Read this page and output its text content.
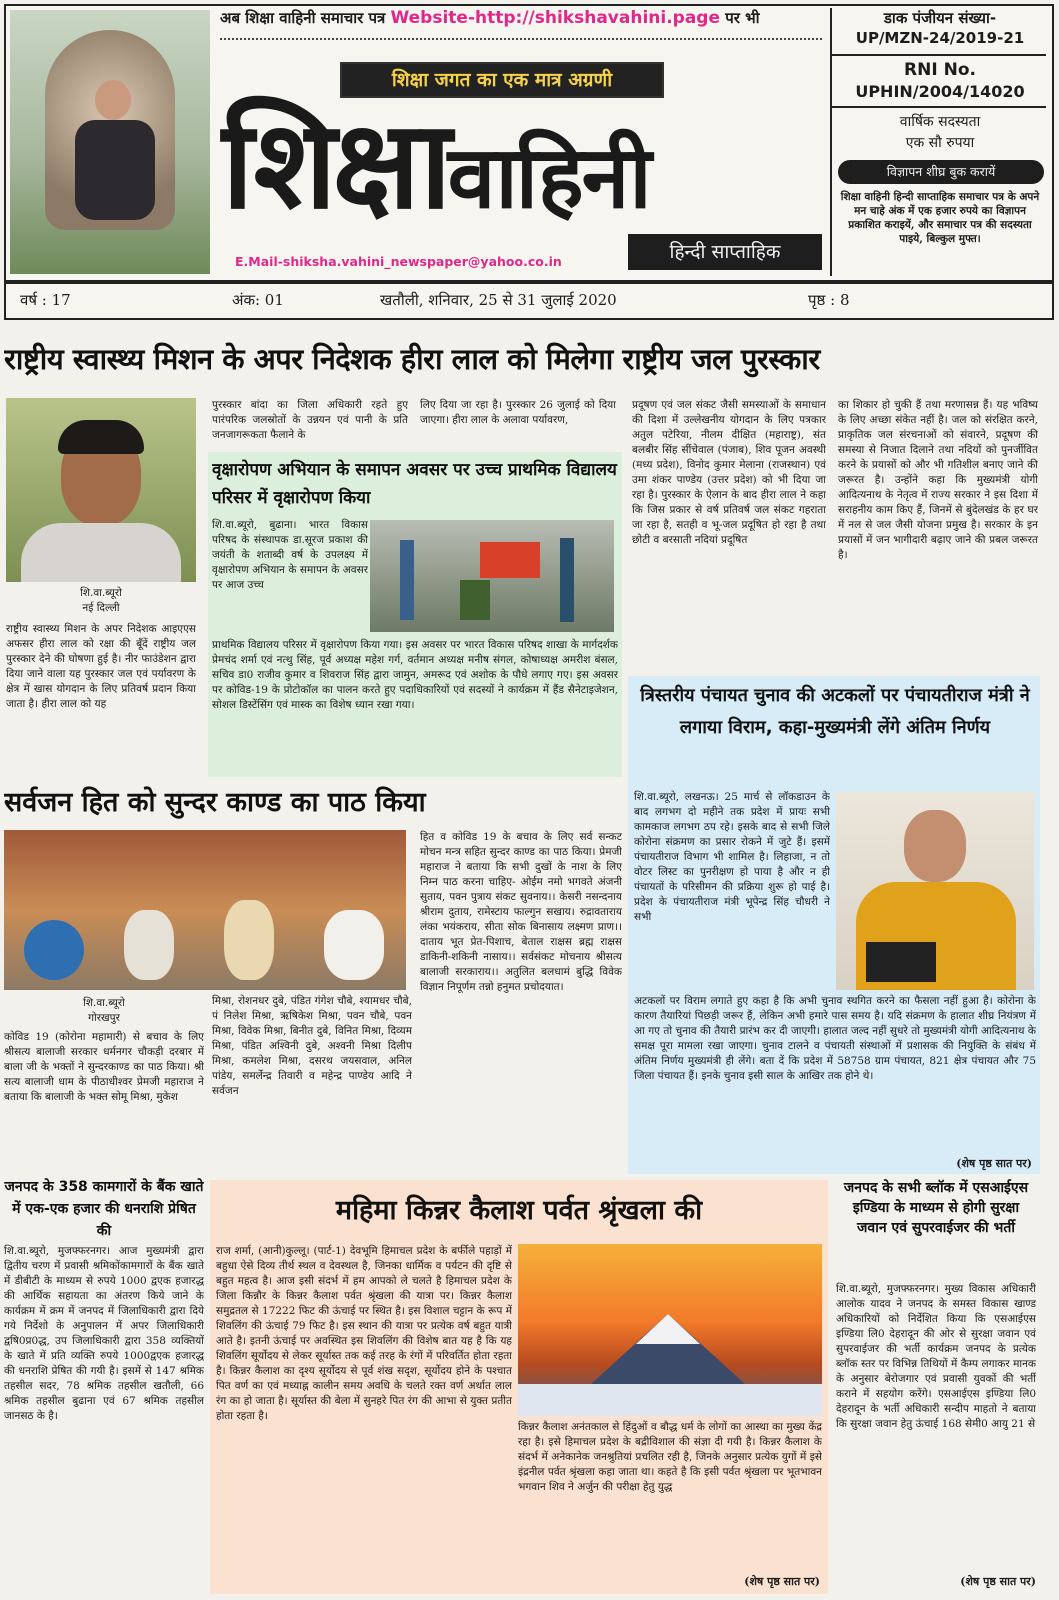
अब शिक्षा वाहिनी समाचार पत्र Website-http://shikshavahini.page पर भी
शिक्षा जगत का एक मात्र अग्रणी
शिक्षावाहिनी
E.Mail-shiksha.vahini_newspaper@yahoo.co.in	हिन्दी साप्ताहिक
डाक पंजीयन संख्या-
UP/MZN-24/2019-21
RNI No.
UPHIN/2004/14020
वार्षिक सदस्यता
एक सौ रुपया
विज्ञापन शीघ्र बुक करायें
शिक्षा वाहिनी हिन्दी साप्ताहिक समाचार पत्र के अपने मन चाहे अंक में एक हजार रुपये का विज्ञापन प्रकाशित कराइयें, और समाचार पत्र की सदस्यता पाइये, बिल्कुल मुफ्त।
वर्ष : 17	अंक: 01	खतौली, शनिवार, 25 से 31 जुलाई 2020	पृष्ठ : 8
राष्ट्रीय स्वास्थ्य मिशन के अपर निदेशक हीरा लाल को मिलेगा राष्ट्रीय जल पुरस्कार
शि.वा.ब्यूरो
नई दिल्ली
राष्ट्रीय स्वास्थ्य मिशन के अपर निदेशक आइएएस अफसर हीरा लाल को रक्षा की बूँदें राष्ट्रीय जल पुरस्कार देने की घोषणा हुई है। नीर फाउंडेशन द्वारा दिया जाने वाला यह पुरस्कार जल एवं पर्यावरण के क्षेत्र में खास योगदान के लिए प्रतिवर्ष प्रदान किया जाता है। हीरा लाल को यह
पुरस्कार बांदा का जिला अधिकारी रहते हुए पारंपरिक जलस्रोतों के उन्नयन एवं पानी के प्रति जनजागरूकता फैलाने के
लिए दिया जा रहा है। पुरस्कार 26 जुलाई को दिया जाएगा। हीरा लाल के अलावा पर्यावरण,
प्रदूषण एवं जल संकट जैसी समस्याओं के समाधान की दिशा में उल्लेखनीय योगदान के लिए पत्रकार अतुल पटेरिया, नीलम दीक्षित (महाराष्ट्र), संत बलबीर सिंह सींचेवाल (पंजाब), शिव पूजन अवस्थी (मध्य प्रदेश), विनोद कुमार मेलाना (राजस्थान) एवं उमा शंकर पाण्डेय (उत्तर प्रदेश) को भी दिया जा रहा है। पुरस्कार के ऐलान के बाद हीरा लाल ने कहा कि जिस प्रकार से वर्ष प्रतिवर्ष जल संकट गहराता जा रहा है, सतही व भू-जल प्रदूषित हो रहा है तथा छोटी व बरसाती नदियां प्रदूषित
का शिकार हो चुकी हैं तथा मरणासन्न हैं। यह भविष्य के लिए अच्छा संकेत नहीं है। जल को संरक्षित करने, प्राकृतिक जल संरचनाओं को संवारने, प्रदूषण की समस्या से निजात दिलाने तथा नदियों को पुनर्जीवित करने के प्रयासों को और भी गतिशील बनाए जाने की जरूरत है। उन्होंने कहा कि मुख्यमंत्री योगी आदित्यनाथ के नेतृत्व में राज्य सरकार ने इस दिशा में सराहनीय काम किए हैं, जिनमें से बुंदेलखंड के हर घर में नल से जल जैसी योजना प्रमुख है। सरकार के इन प्रयासों में जन भागीदारी बढ़ाए जाने की प्रबल जरूरत है।
वृक्षारोपण अभियान के समापन अवसर पर उच्च प्राथमिक विद्यालय परिसर में वृक्षारोपण किया
शि.वा.ब्यूरो, बुढाना। भारत विकास परिषद के संस्थापक डा.सूरज प्रकाश की जयंती के शताब्दी वर्ष के उपलक्ष्य में वृक्षारोपण अभियान के समापन के अवसर पर आज उच्च
प्राथमिक विद्यालय परिसर में वृक्षारोपण किया गया। इस अवसर पर भारत विकास परिषद शाखा के मार्गदर्शक प्रेमचंद शर्मा एवं नत्थु सिंह, पूर्व अध्यक्ष महेश गर्ग, वर्तमान अध्यक्ष मनीष संगल, कोषाध्यक्ष अमरीश बंसल, सचिव डा0 राजीव कुमार व शिवराज सिंह द्वारा जामुन, अमरूद एवं अशोक के पौधे लगाए गए। इस अवसर पर कोविड-19 के प्रोटोकॉल का पालन करते हुए पदाधिकारियों एवं सदस्यों ने कार्यक्रम में हैंड सैनेटाइजेशन, सोशल डिस्टेंसिंग एवं मास्क का विशेष ध्यान रखा गया।	त्रिस्तरीय पंचायत चुनाव की अटकलों पर पंचायतीराज मंत्री ने लगाया विराम, कहा-मुख्यमंत्री लेंगे अंतिम निर्णय
शि.वा.ब्यूरो, लखनऊ। 25 मार्च से लॉकडाउन के बाद लगभग दो महीने तक प्रदेश में प्रायः सभी कामकाज लगभग ठप रहे। इसके बाद से सभी जिले कोरोना संक्रमण का प्रसार रोकने में जुटे हैं। इसमें पंचायतीराज विभाग भी शामिल है। लिहाजा, न तो वोटर लिस्ट का पुनरीक्षण हो पाया है और न ही पंचायतों के परिसीमन की प्रक्रिया शुरू हो पाई है। प्रदेश के पंचायतीराज मंत्री भूपेन्द्र सिंह चौधरी ने सभी
अटकलों पर विराम लगाते हुए कहा है कि अभी चुनाव स्थगित करने का फैसला नहीं हुआ है। कोरोना के कारण तैयारियां पिछड़ी जरूर हैं, लेकिन अभी हमारे पास समय है। यदि संक्रमण के हालात शीघ्र नियंत्रण में आ गए तो चुनाव की तैयारी प्रारंभ कर दी जाएगी। हालात जल्द नहीं सुधरे तो मुख्यमंत्री योगी आदित्यनाथ के समक्ष पूरा मामला रखा जाएगा। चुनाव टालने व पंचायती संस्थाओं में प्रशासक की नियुक्ति के संबंध में अंतिम निर्णय मुख्यमंत्री ही लेंगे। बता दें कि प्रदेश में 58758 ग्राम पंचायत, 821 क्षेत्र पंचायत और 75 जिला पंचायत हैं। इनके चुनाव इसी साल के आखिर तक होने थे।
(शेष पृष्ठ सात पर)
सर्वजन हित को सुन्दर काण्ड का पाठ किया
हित व कोविड 19 के बचाव के लिए सर्व सन्कट मोचन मन्त्र सहित सुन्दर काण्ड का पाठ किया। प्रेमजी महाराज ने बताया कि सभी दुखों के नाश के लिए निम्न पाठ करना चाहिए- ओईम नमो भगवते अंजनी सुताय, पवन पुत्राय संकट सुवनाय।। केसरी नसन्दनाय श्रीराम दुताय, रामेस्टाय फाल्गुन सखाय। रुद्रावताराय लंका भयंकराय, सीता सोक बिनासाय लक्ष्मण प्राण।। दाताय भूत प्रेत-पिशाच, बेताल राक्षस ब्रह्म राक्षस डाकिनी-शकिनी नासाय।। सर्वसंकट मोचनाय श्रीसत्य बालाजी सरकाराय।। अतुलित बलधामं बुद्धि विवेक विज्ञान निपूर्णम तन्नो हनुमत प्रचोदयात।
शि.वा.ब्यूरो
गोरखपुर
कोविड 19 (कोरोना महामारी) से बचाव के लिए श्रीसत्य बालाजी सरकार धर्मनगर चौकड़ी दरबार में बाला जी के भक्तों ने सुन्दरकाण्ड का पाठ किया। श्री सत्य बालाजी धाम के पीठाधीश्वर प्रेमजी महाराज ने बताया कि बालाजी के भक्त सोमू मिश्रा, मुकेश
मिश्रा, रोशनधर दुबे, पंडित गंगेश चौबे, श्यामधर चौबे, पं निलेश मिश्रा, ऋषिकेश मिश्रा, पवन चौबे, पवन मिश्रा, विवेक मिश्रा, बिनीत दुबे, विनित मिश्रा, दिव्यम मिश्रा, पंडित अश्विनी दुबे, अश्वनी मिश्रा दिलीप मिश्रा, कमलेश मिश्रा, दसरथ जयसवाल, अनिल पांडेय, समर्लेन्द्र तिवारी व महेन्द्र पाण्डेय आदि ने सर्वजन
जनपद के 358 कामगारों के बैंक खाते में एक-एक हजार की धनराशि प्रेषित की
शि.वा.ब्यूरो, मुजफ्फरनगर। आज मुख्यमंत्री द्वारा द्वितीय चरण में प्रवासी श्रमिकोंकामगारों के बैंक खाते में डीबीटी के माध्यम से रुपये 1000 द्वएक हजारद्ध की आर्थिक सहायता का अंतरण किये जाने के कार्यक्रम में क्रम में जनपद में जिलाधिकारी द्वारा दिये गये निर्देशो के अनुपालन में अपर जिलाधिकारी द्वषि0प्र0द्ध, उप जिलाधिकारी द्वारा 358 व्यक्तियों के खाते में प्रति व्यक्ति रुपये 1000द्वएक हजारद्ध की धनराशि प्रेषित की गयी है। इसमें से 147 श्रमिक तहसील सदर, 78 श्रमिक तहसील खतौली, 66 श्रमिक तहसील बुढाना एवं 67 श्रमिक तहसील जानसठ के है।
महिमा किन्नर कैलाश पर्वत श्रृंखला की
राज शर्मा, (आनी)कुल्लू। (पार्ट-1) देवभूमि हिमाचल प्रदेश के बर्फीले पहाड़ों में बहुधा ऐसे दिव्य तीर्थ स्थल व देवस्थल है, जिनका धार्मिक व पर्यटन की दृष्टि से बहुत महत्व है। आज इसी संदर्भ में हम आपको ले चलते है हिमाचल प्रदेश के जिला किन्नौर के किन्नर कैलाश पर्वत श्रृंखला की यात्रा पर। किन्नर कैलाश समुद्रतल से 17222 फिट की ऊंचाई पर स्थित है। इस विशाल चट्टान के रूप में शिवलिंग की ऊंचाई 79 फिट है। इस स्थान की यात्रा पर प्रत्येक वर्ष बहुत यात्री आते है। इतनी ऊंचाई पर अवस्थित इस शिवलिंग की विशेष बात यह है कि यह शिवलिंग सूर्योदय से लेकर सूर्यास्त तक कई तरह के रंगों में परिवर्तित होता रहता है। किन्नर कैलाश का दृश्य सूर्योदय से पूर्व शंख सदृश, सूर्योदय होने के पश्चात पित वर्ण का एवं मध्याह्न कालीन समय अवधि के चलते रक्त वर्ण अर्थात लाल रंग का हो जाता है। सूर्यास्त की बेला में सुनहरे पित रंग की आभा से युक्त प्रतीत होता रहता है।
किन्नर कैलाश अनंतकाल से हिंदुओं व बौद्ध धर्म के लोगों का आस्था का मुख्य केंद्र रहा है। इसे हिमाचल प्रदेश के बद्रीविशाल की संज्ञा दी गयी है। किन्नर कैलाश के संदर्भ में अनेकानेक जनश्रुतियां प्रचलित रही है, जिनके अनुसार प्रत्येक युगों में इसे इंद्रनील पर्वत श्रृंखला कहा जाता था। कहते है कि इसी पर्वत श्रृंखला पर भूतभावन भगवान शिव ने अर्जुन की परीक्षा हेतु युद्ध
(शेष पृष्ठ सात पर)
जनपद के सभी ब्लॉक में एसआईएस इण्डिया के माध्यम से होगी सुरक्षा जवान एवं सुपरवाईजर की भर्ती
शि.वा.ब्यूरो, मुजफ्फरनगर। मुख्य विकास अधिकारी आलोक यादव ने जनपद के समस्त विकास खाण्ड अधिकारियों को निर्देशित किया कि एसआईएस इण्डिया लि0 देहरादून की ओर से सुरक्षा जवान एवं सुपरवाईजर की भर्ती कार्यक्रम जनपद के प्रत्येक ब्लॉक स्तर पर विभिन्न तिथियों में कैम्प लगाकर मानक के अनुसार बेरोजगार एवं प्रवासी युवकों की भर्ती कराने में सहयोग करेंगे। एसआईएस इण्डिया लि0 देहरादून के भर्ती अधिकारी सन्दीप माहतो ने बताया कि सुरक्षा जवान हेतु ऊंचाई 168 सेमी0 आयु 21 से
(शेष पृष्ठ सात पर)
